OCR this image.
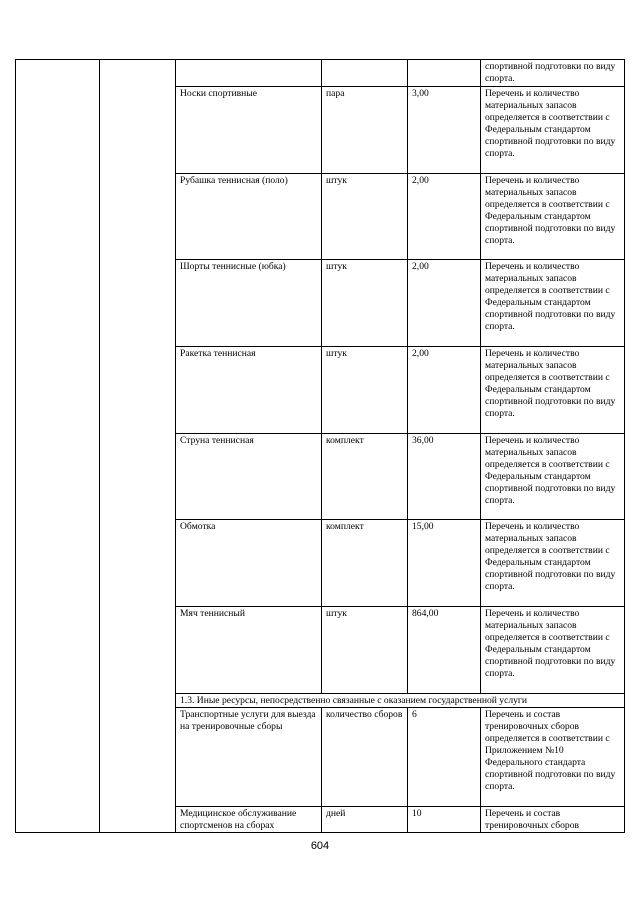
					спортивной подготовки по виду спорта.
		Носки спортивные	пара	3,00	Перечень и количество материальных запасов определяется в соответствии с Федеральным стандартом спортивной подготовки по виду спорта.
		Рубашка теннисная (поло)	штук	2,00	Перечень и количество материальных запасов определяется в соответствии с Федеральным стандартом спортивной подготовки по виду спорта.
		Шорты теннисные (юбка)	штук	2,00	Перечень и количество материальных запасов определяется в соответствии с Федеральным стандартом спортивной подготовки по виду спорта.
		Ракетка теннисная	штук	2,00	Перечень и количество материальных запасов определяется в соответствии с Федеральным стандартом спортивной подготовки по виду спорта.
		Струна теннисная	комплект	36,00	Перечень и количество материальных запасов определяется в соответствии с Федеральным стандартом спортивной подготовки по виду спорта.
		Обмотка	комплект	15,00	Перечень и количество материальных запасов определяется в соответствии с Федеральным стандартом спортивной подготовки по виду спорта.
		Мяч теннисный	штук	864,00	Перечень и количество материальных запасов определяется в соответствии с Федеральным стандартом спортивной подготовки по виду спорта.
		1.3. Иные ресурсы, непосредственно связанные с оказанием государственной услуги			
		Транспортные услуги для выезда на тренировочные сборы	количество сборов	6	Перечень и состав тренировочных сборов определяется в соответствии с Приложением №10 Федерального стандарта спортивной подготовки по виду спорта.
		Медицинское обслуживание спортсменов на сборах	дней	10	Перечень и состав тренировочных сборов
604
